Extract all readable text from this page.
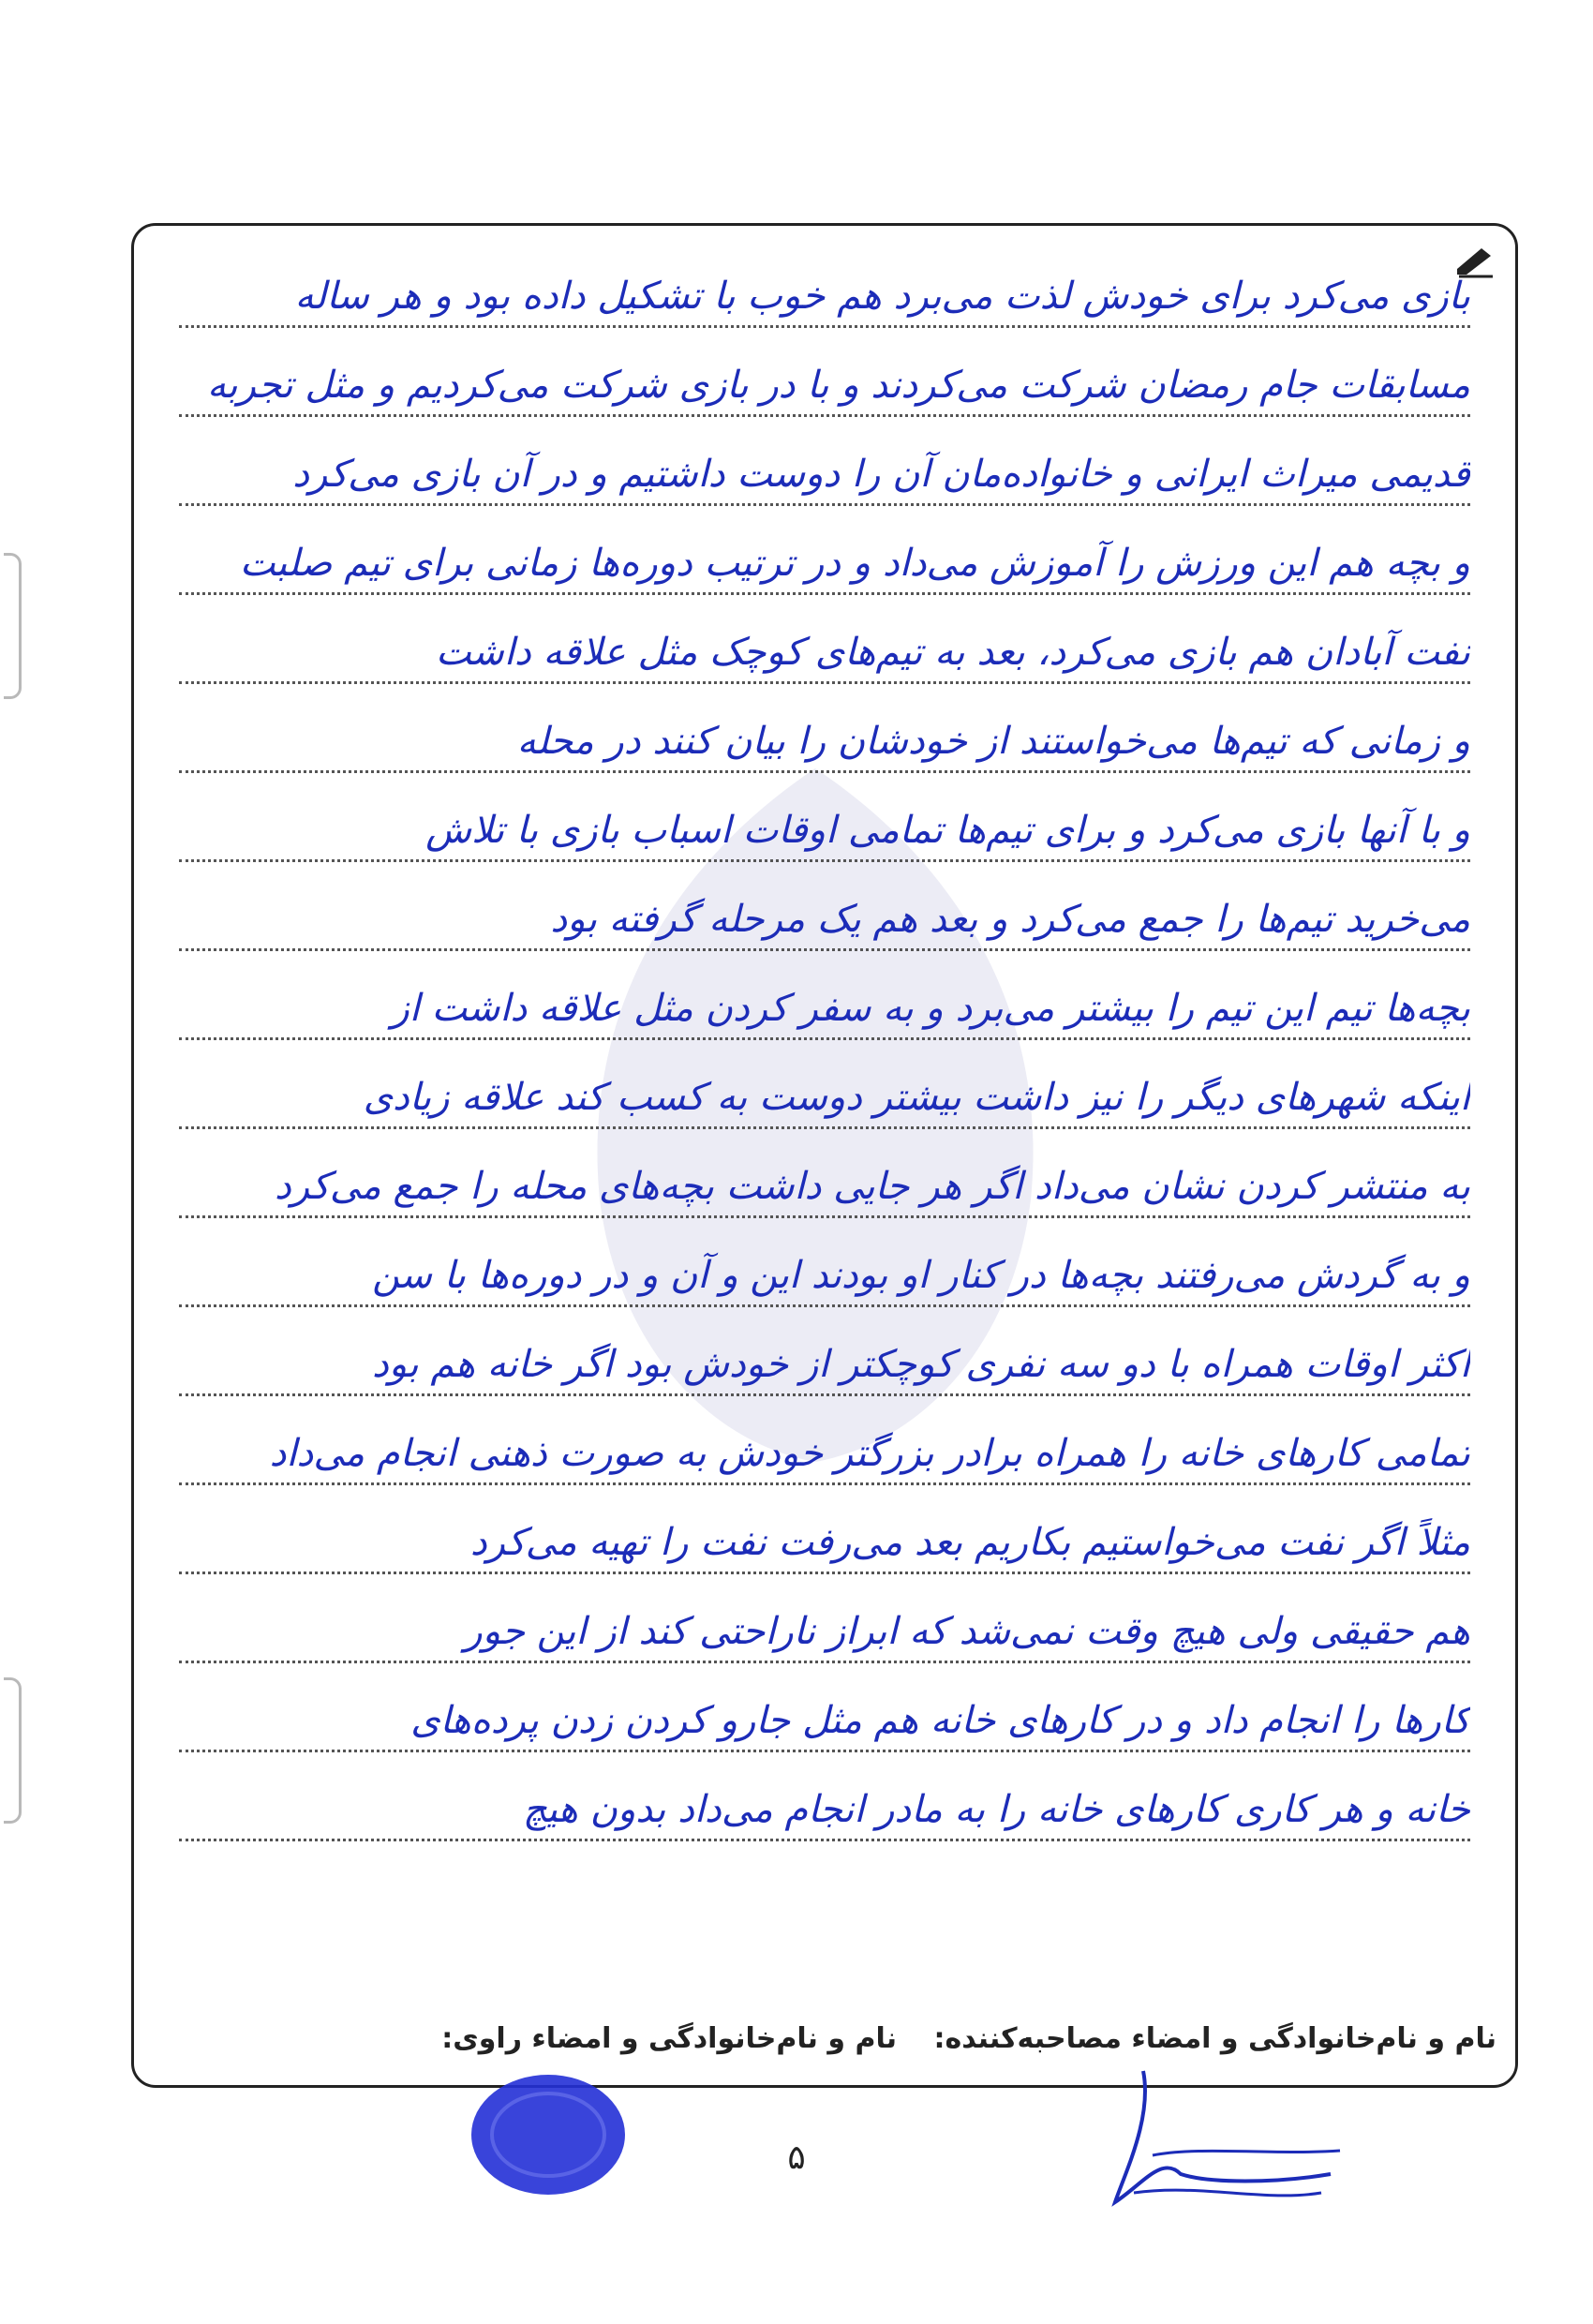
بازی می‌کرد برای خودش لذت می‌برد هم خوب با تشکیل داده بود و هر ساله
مسابقات جام رمضان شرکت می‌کردند و با در بازی شرکت می‌کردیم و مثل تجربه
قدیمی میراث ایرانی و خانواده‌مان آن را دوست داشتیم و در آن بازی می‌کرد
و بچه هم این ورزش را آموزش می‌داد و در ترتیب دوره‌ها زمانی برای تیم صلبت
نفت آبادان هم بازی می‌کرد، بعد به تیم‌های کوچک مثل علاقه داشت
و زمانی که تیم‌ها می‌خواستند از خودشان را بیان کنند در محله
و با آنها بازی می‌کرد و برای تیم‌ها تمامی اوقات اسباب بازی با تلاش
می‌خرید تیم‌ها را جمع می‌کرد و بعد هم یک مرحله گرفته بود
بچه‌ها تیم این تیم را بیشتر می‌برد و به سفر کردن مثل علاقه داشت از
اینکه شهرهای دیگر را نیز داشت بیشتر دوست به کسب کند علاقه زیادی
به منتشر کردن نشان می‌داد اگر هر جایی داشت بچه‌های محله را جمع می‌کرد
و به گردش می‌رفتند بچه‌ها در کنار او بودند این و آن و در دوره‌ها با سن
اکثر اوقات همراه با دو سه نفری کوچکتر از خودش بود اگر خانه هم بود
تمامی کارهای خانه را همراه برادر بزرگتر خودش به صورت ذهنی انجام می‌داد
مثلاً اگر نفت می‌خواستیم بکاریم بعد می‌رفت نفت را تهیه می‌کرد
هم حقیقی ولی هیچ وقت نمی‌شد که ابراز ناراحتی کند از این جور
کارها را انجام داد و در کارهای خانه هم مثل جارو کردن زدن پرده‌های
خانه و هر کاری کارهای خانه را به مادر انجام می‌داد بدون هیچ
نام و نام‌خانوادگی و امضاء مصاحبه‌کننده:
نام و نام‌خانوادگی و امضاء راوی:
۵
